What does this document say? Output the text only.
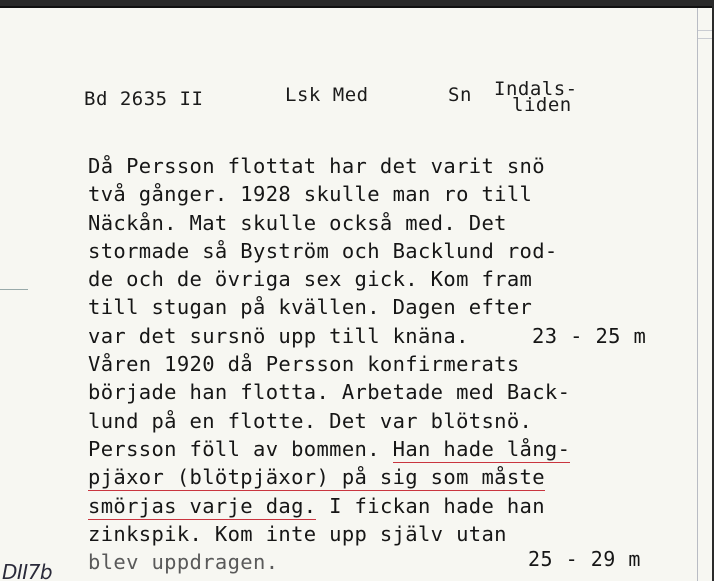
Bd 2635 II	Lsk Med	Sn Indals-
liden
Då Persson flottat har det varit snö
två gånger. 1928 skulle man ro till
Näckån. Mat skulle också med. Det
stormade så Byström och Backlund rod-
de och de övriga sex gick. Kom fram
till stugan på kvällen. Dagen efter
var det sursnö upp till knäna.	23 - 25 m
Våren 1920 då Persson konfirmerats
började han flotta. Arbetade med Back-
lund på en flotte. Det var blötsnö.
Persson föll av bommen. Han hade lång-
pjäxor (blötpjäxor) på sig som måste
smörjas varje dag. I fickan hade han
zinkspik. Kom inte upp själv utan
blev uppdragen.	25 - 29 m
DII7b
